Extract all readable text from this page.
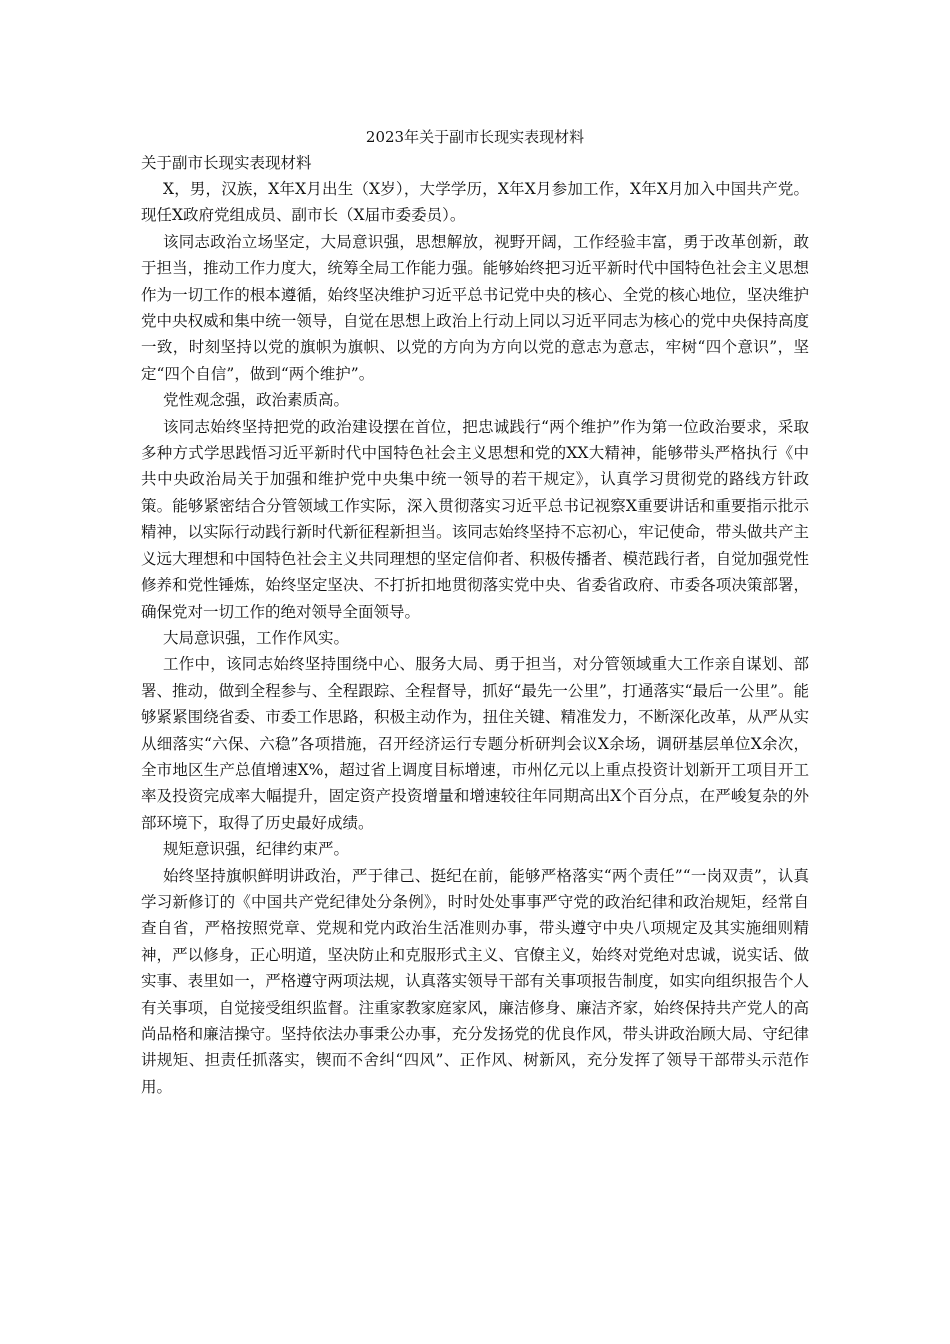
2023年关于副市长现实表现材料
关于副市长现实表现材料

X，男，汉族，X年X月出生（X岁），大学学历，X年X月参加工作，X年X月加入中国共产党。现任X政府党组成员、副市长（X届市委委员）。

该同志政治立场坚定，大局意识强，思想解放，视野开阔，工作经验丰富，勇于改革创新，敢于担当，推动工作力度大，统筹全局工作能力强。能够始终把习近平新时代中国特色社会主义思想作为一切工作的根本遵循，始终坚决维护习近平总书记党中央的核心、全党的核心地位，坚决维护党中央权威和集中统一领导，自觉在思想上政治上行动上同以习近平同志为核心的党中央保持高度一致，时刻坚持以党的旗帜为旗帜、以党的方向为方向以党的意志为意志，牢树“四个意识”，坚定“四个自信”，做到“两个维护”。

党性观念强，政治素质高。

该同志始终坚持把党的政治建设摆在首位，把忠诚践行“两个维护”作为第一位政治要求，采取多种方式学思践悟习近平新时代中国特色社会主义思想和党的XX大精神，能够带头严格执行《中共中央政治局关于加强和维护党中央集中统一领导的若干规定》，认真学习贯彻党的路线方针政策。能够紧密结合分管领域工作实际，深入贯彻落实习近平总书记视察X重要讲话和重要指示批示精神，以实际行动践行新时代新征程新担当。该同志始终坚持不忘初心，牢记使命，带头做共产主义远大理想和中国特色社会主义共同理想的坚定信仰者、积极传播者、模范践行者，自觉加强党性修养和党性锤炼，始终坚定坚决、不打折扣地贯彻落实党中央、省委省政府、市委各项决策部署，确保党对一切工作的绝对领导全面领导。

大局意识强，工作作风实。

工作中，该同志始终坚持围绕中心、服务大局、勇于担当，对分管领域重大工作亲自谋划、部署、推动，做到全程参与、全程跟踪、全程督导，抓好“最先一公里”，打通落实“最后一公里”。能够紧紧围绕省委、市委工作思路，积极主动作为，扭住关键、精准发力，不断深化改革，从严从实从细落实“六保、六稳”各项措施，召开经济运行专题分析研判会议X余场，调研基层单位X余次，全市地区生产总值增速X%，超过省上调度目标增速，市州亿元以上重点投资计划新开工项目开工率及投资完成率大幅提升，固定资产投资增量和增速较往年同期高出X个百分点，在严峻复杂的外部环境下，取得了历史最好成绩。

规矩意识强，纪律约束严。

始终坚持旗帜鲜明讲政治，严于律己、挺纪在前，能够严格落实“两个责任”“一岗双责”，认真学习新修订的《中国共产党纪律处分条例》，时时处处事事严守党的政治纪律和政治规矩，经常自查自省，严格按照党章、党规和党内政治生活准则办事，带头遵守中央八项规定及其实施细则精神，严以修身，正心明道，坚决防止和克服形式主义、官僚主义，始终对党绝对忠诚，说实话、做实事、表里如一，严格遵守两项法规，认真落实领导干部有关事项报告制度，如实向组织报告个人有关事项，自觉接受组织监督。注重家教家庭家风，廉洁修身、廉洁齐家，始终保持共产党人的高尚品格和廉洁操守。坚持依法办事秉公办事，充分发扬党的优良作风，带头讲政治顾大局、守纪律讲规矩、担责任抓落实，锲而不舍纠“四风”、正作风、树新风，充分发挥了领导干部带头示范作用。
